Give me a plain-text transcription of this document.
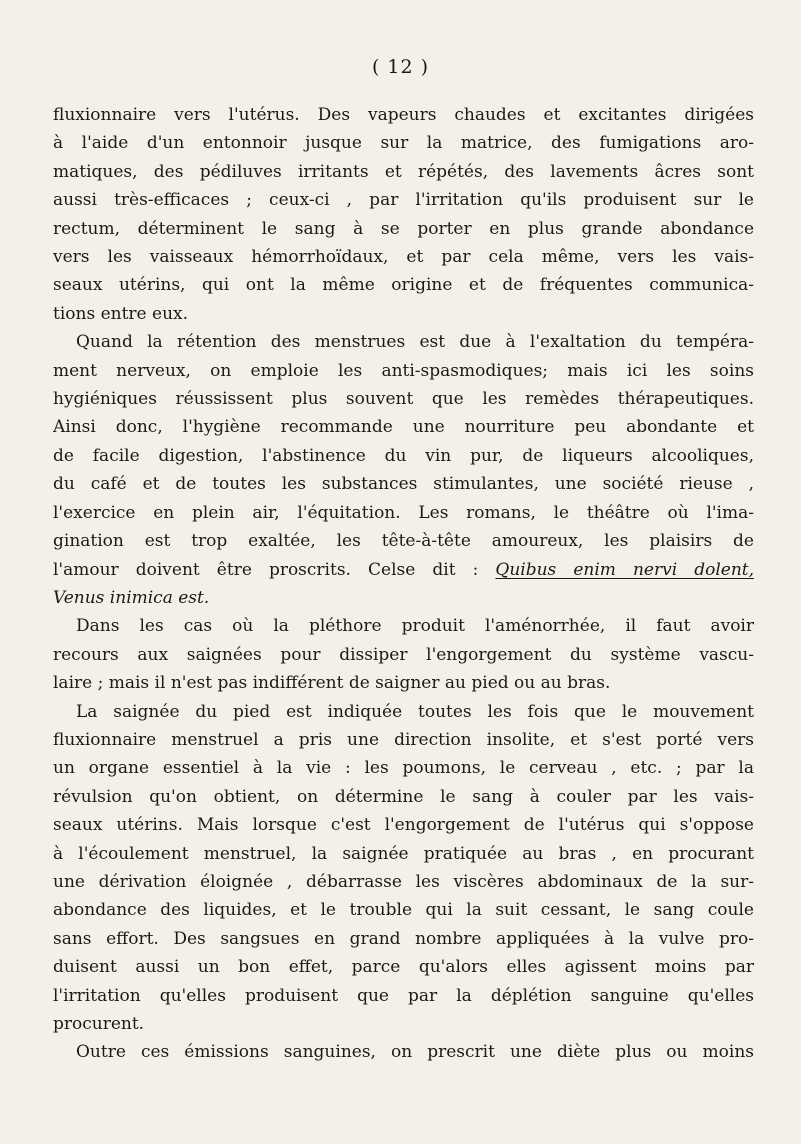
( 12 )
fluxionnaire vers l'utérus. Des vapeurs chaudes et excitantes dirigées
à l'aide d'un entonnoir jusque sur la matrice, des fumigations aro-
matiques, des pédiluves irritants et répétés, des lavements âcres sont
aussi très-efficaces ; ceux-ci , par l'irritation qu'ils produisent sur le
rectum, déterminent le sang à se porter en plus grande abondance
vers les vaisseaux hémorrhoïdaux, et par cela même, vers les vais-
seaux utérins, qui ont la même origine et de fréquentes communica-
tions entre eux.
Quand la rétention des menstrues est due à l'exaltation du tempéra-
ment nerveux, on emploie les anti-spasmodiques; mais ici les soins
hygiéniques réussissent plus souvent que les remèdes thérapeutiques.
Ainsi donc, l'hygiène recommande une nourriture peu abondante et
de facile digestion, l'abstinence du vin pur, de liqueurs alcooliques,
du café et de toutes les substances stimulantes, une société rieuse ,
l'exercice en plein air, l'équitation. Les romans, le théâtre où l'ima-
gination est trop exaltée, les tête-à-tête amoureux, les plaisirs de
l'amour doivent être proscrits. Celse dit : Quibus enim nervi dolent,
Venus inimica est.
Dans les cas où la pléthore produit l'aménorrhée, il faut avoir
recours aux saignées pour dissiper l'engorgement du système vascu-
laire ; mais il n'est pas indifférent de saigner au pied ou au bras.
La saignée du pied est indiquée toutes les fois que le mouvement
fluxionnaire menstruel a pris une direction insolite, et s'est porté vers
un organe essentiel à la vie : les poumons, le cerveau , etc. ; par la
révulsion qu'on obtient, on détermine le sang à couler par les vais-
seaux utérins. Mais lorsque c'est l'engorgement de l'utérus qui s'oppose
à l'écoulement menstruel, la saignée pratiquée au bras , en procurant
une dérivation éloignée , débarrasse les viscères abdominaux de la sur-
abondance des liquides, et le trouble qui la suit cessant, le sang coule
sans effort. Des sangsues en grand nombre appliquées à la vulve pro-
duisent aussi un bon effet, parce qu'alors elles agissent moins par
l'irritation qu'elles produisent que par la déplétion sanguine qu'elles
procurent.
Outre ces émissions sanguines, on prescrit une diète plus ou moins
